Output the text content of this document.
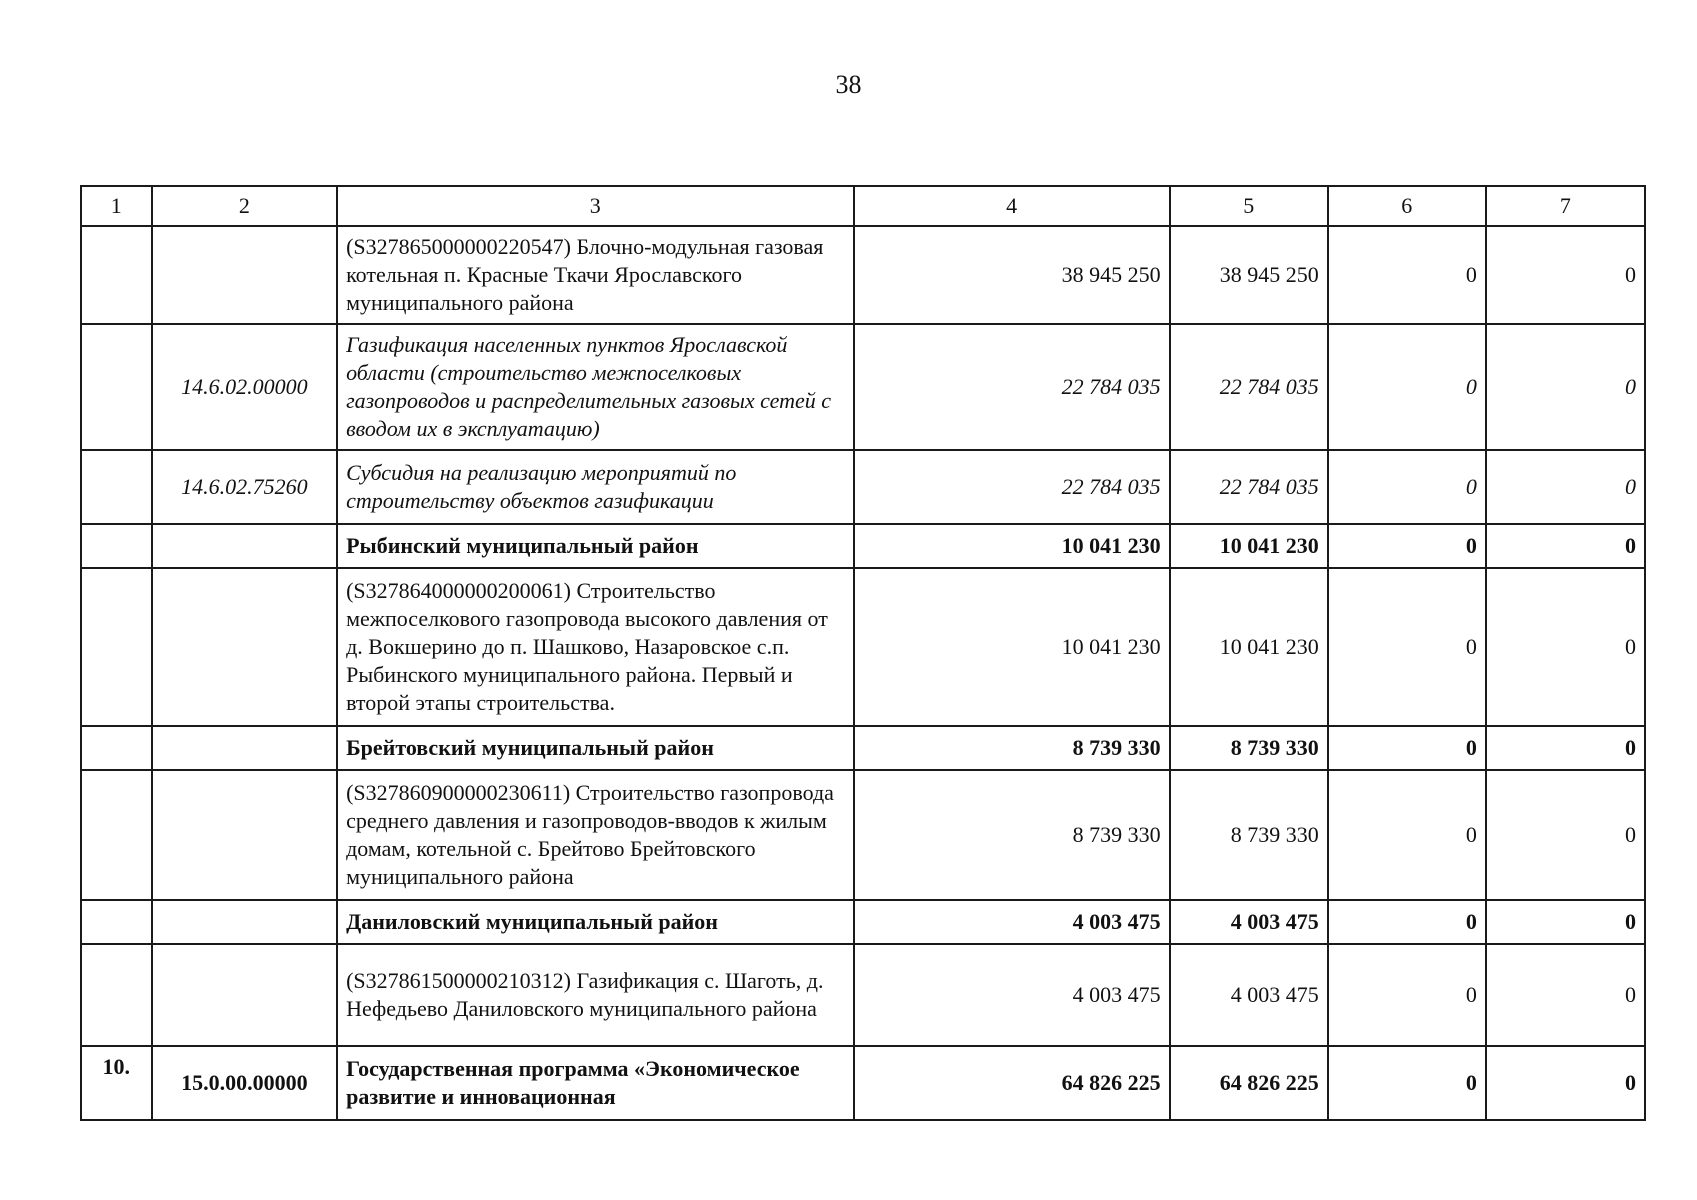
38
1	2	3	4	5	6	7
		(S327865000000220547) Блочно-модульная газовая котельная п. Красные Ткачи Ярославского муниципального района	38 945 250	38 945 250	0	0
	14.6.02.00000	Газификация населенных пунктов Ярославской области (строительство межпоселковых газопроводов и распределительных газовых сетей с вводом их в эксплуатацию)	22 784 035	22 784 035	0	0
	14.6.02.75260	Субсидия на реализацию мероприятий по строительству объектов газификации	22 784 035	22 784 035	0	0
		Рыбинский муниципальный район	10 041 230	10 041 230	0	0
		(S327864000000200061) Строительство межпоселкового газопровода высокого давления от д. Вокшерино до п. Шашково, Назаровское с.п. Рыбинского муниципального района. Первый и второй этапы строительства.	10 041 230	10 041 230	0	0
		Брейтовский муниципальный район	8 739 330	8 739 330	0	0
		(S327860900000230611) Строительство газопровода среднего давления и газопроводов-вводов к жилым домам, котельной с. Брейтово Брейтовского муниципального района	8 739 330	8 739 330	0	0
		Даниловский муниципальный район	4 003 475	4 003 475	0	0
		(S327861500000210312) Газификация с. Шаготь, д. Нефедьево Даниловского муниципального района	4 003 475	4 003 475	0	0
10.	15.0.00.00000	Государственная программа «Экономическое развитие и инновационная	64 826 225	64 826 225	0	0
